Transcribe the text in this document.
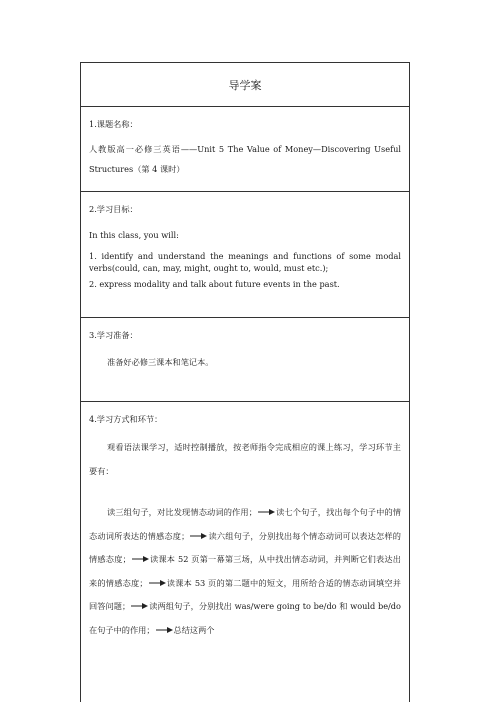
导学案
1.课题名称：
人教版高一必修三英语——Unit 5 The Value of Money—Discovering Useful Structures（第 4 课时）
2.学习目标：
In this class, you will:
1. identify and understand the meanings and functions of some modal verbs(could, can, may, might, ought to, would, must etc.);
2. express modality and talk about future events in the past.
3.学习准备：
准备好必修三课本和笔记本。
4.学习方式和环节：
观看语法课学习，适时控制播放，按老师指令完成相应的课上练习，学习环节主要有：
读三组句子，对比发现情态动词的作用； 读七个句子，找出每个句子中的情态动词所表达的情感态度； 读六组句子，分别找出每个情态动词可以表达怎样的情感态度； 读课本 52 页第一幕第三场，从中找出情态动词，并判断它们表达出来的情感态度； 读课本 53 页的第二题中的短文，用所给合适的情态动词填空并回答问题； 读两组句子，分别找出 was/were going to be/do 和 would be/do 在句子中的作用； 总结这两个
